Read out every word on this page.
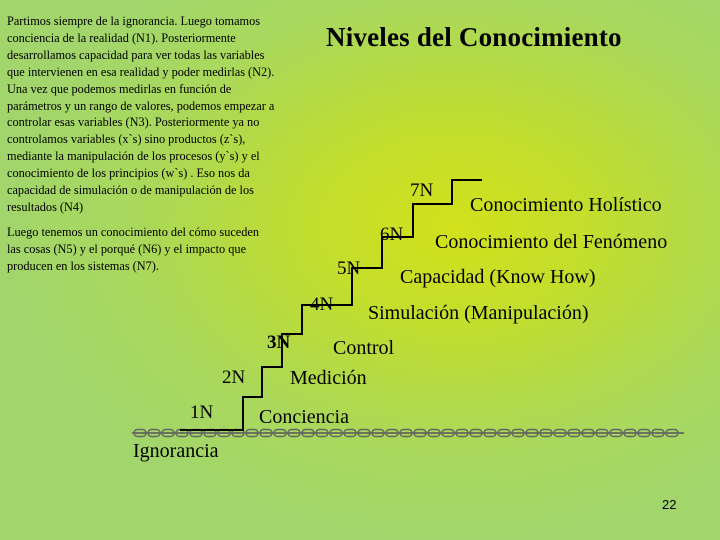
Niveles del Conocimiento

Partimos siempre de la ignorancia. Luego tomamos conciencia de la realidad (N1). Posteriormente desarrollamos capacidad para ver todas las variables que intervienen en esa realidad y poder medirlas (N2). Una vez que podemos medirlas en función de parámetros y un rango de valores, podemos empezar a controlar esas variables (N3). Posteriormente ya no controlamos variables (x`s) sino productos (z`s), mediante la manipulación de los procesos (y`s) y el conocimiento de los principios (w`s) . Eso nos da capacidad de simulación o de manipulación de los resultados (N4)

Luego tenemos un conocimiento del cómo suceden las cosas (N5) y el porqué (N6) y el impacto que producen en los sistemas (N7).

7N
6N
5N
4N
3N
2N
1N
Conocimiento Holístico
Conocimiento del Fenómeno
Capacidad (Know How)
Simulación (Manipulación)
Control
Medición
Conciencia
Ignorancia
22
